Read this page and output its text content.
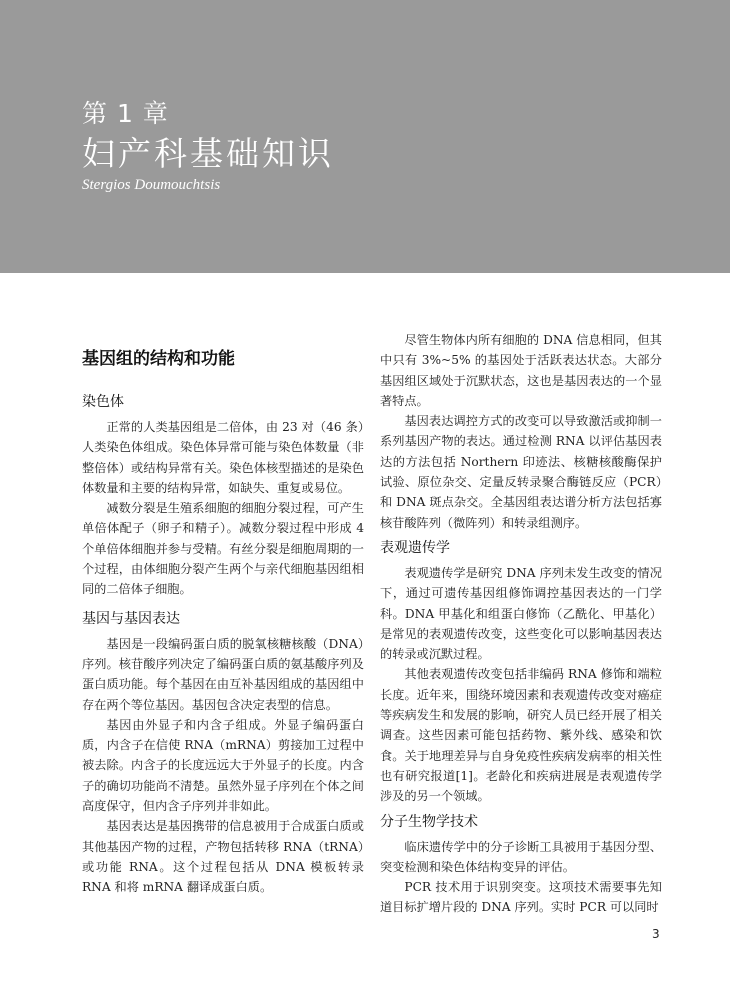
第 1 章
妇产科基础知识
Stergios Doumouchtsis
基因组的结构和功能
染色体

正常的人类基因组是二倍体，由 23 对（46 条）人类染色体组成。染色体异常可能与染色体数量（非整倍体）或结构异常有关。染色体核型描述的是染色体数量和主要的结构异常，如缺失、重复或易位。

减数分裂是生殖系细胞的细胞分裂过程，可产生单倍体配子（卵子和精子）。减数分裂过程中形成 4 个单倍体细胞并参与受精。有丝分裂是细胞周期的一个过程，由体细胞分裂产生两个与亲代细胞基因组相同的二倍体子细胞。

基因与基因表达

基因是一段编码蛋白质的脱氧核糖核酸（DNA）序列。核苷酸序列决定了编码蛋白质的氨基酸序列及蛋白质功能。每个基因在由互补基因组成的基因组中存在两个等位基因。基因包含决定表型的信息。

基因由外显子和内含子组成。外显子编码蛋白质，内含子在信使 RNA（mRNA）剪接加工过程中被去除。内含子的长度远远大于外显子的长度。内含子的确切功能尚不清楚。虽然外显子序列在个体之间高度保守，但内含子序列并非如此。

基因表达是基因携带的信息被用于合成蛋白质或其他基因产物的过程，产物包括转移 RNA（tRNA）或功能 RNA。这个过程包括从 DNA 模板转录 RNA 和将 mRNA 翻译成蛋白质。

尽管生物体内所有细胞的 DNA 信息相同，但其中只有 3%~5% 的基因处于活跃表达状态。大部分基因组区域处于沉默状态，这也是基因表达的一个显著特点。

基因表达调控方式的改变可以导致激活或抑制一系列基因产物的表达。通过检测 RNA 以评估基因表达的方法包括 Northern 印迹法、核糖核酸酶保护试验、原位杂交、定量反转录聚合酶链反应（PCR）和 DNA 斑点杂交。全基因组表达谱分析方法包括寡核苷酸阵列（微阵列）和转录组测序。

表观遗传学

表观遗传学是研究 DNA 序列未发生改变的情况下，通过可遗传基因组修饰调控基因表达的一门学科。DNA 甲基化和组蛋白修饰（乙酰化、甲基化）是常见的表观遗传改变，这些变化可以影响基因表达的转录或沉默过程。

其他表观遗传改变包括非编码 RNA 修饰和端粒长度。近年来，围绕环境因素和表观遗传改变对癌症等疾病发生和发展的影响，研究人员已经开展了相关调查。这些因素可能包括药物、紫外线、感染和饮食。关于地理差异与自身免疫性疾病发病率的相关性也有研究报道[1]。老龄化和疾病进展是表观遗传学涉及的另一个领域。

分子生物学技术

临床遗传学中的分子诊断工具被用于基因分型、突变检测和染色体结构变异的评估。

PCR 技术用于识别突变。这项技术需要事先知道目标扩增片段的 DNA 序列。实时 PCR 可以同时

3
